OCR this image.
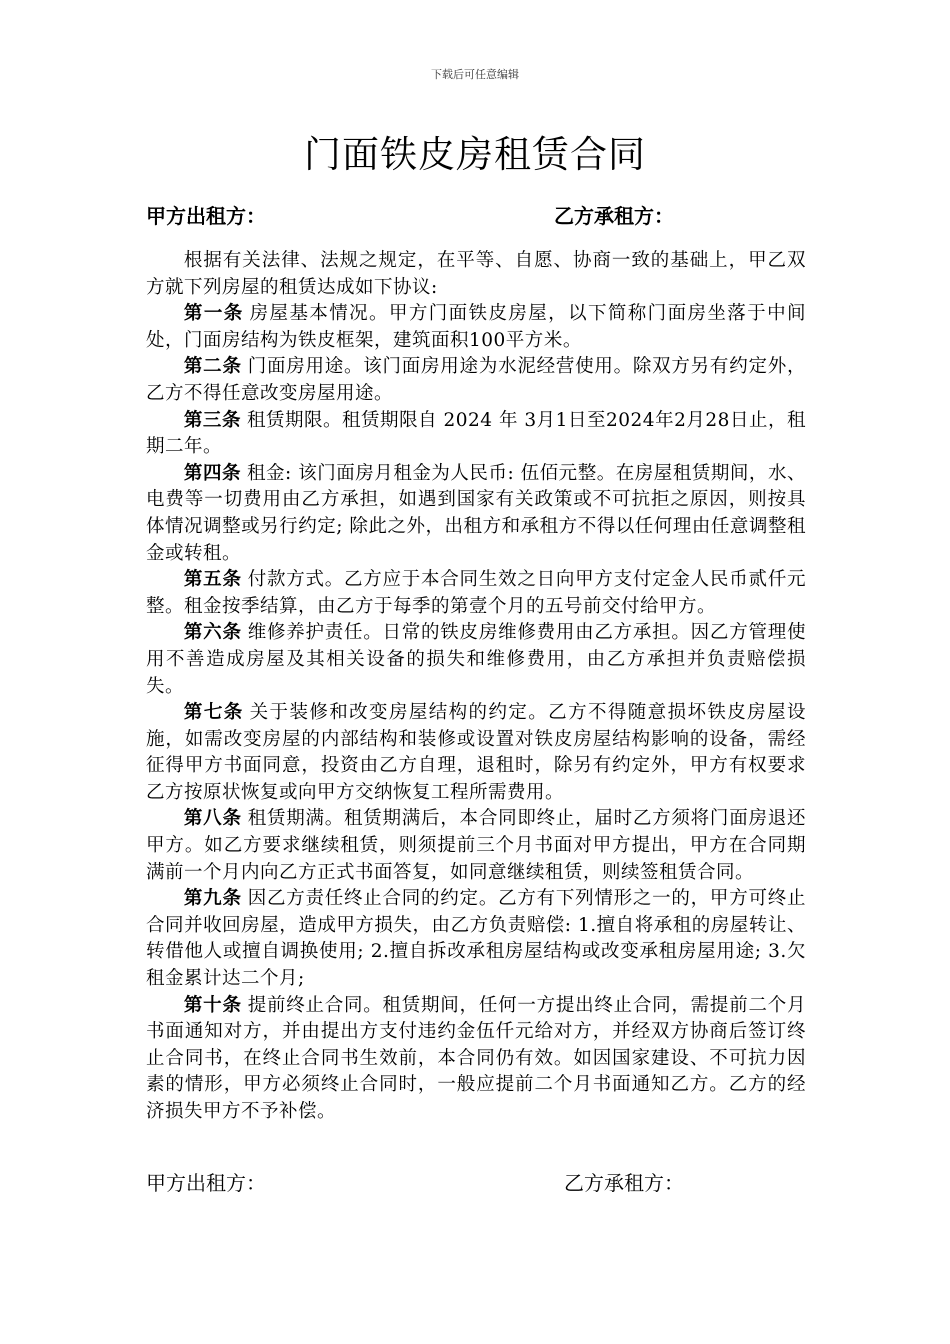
下载后可任意编辑
门面铁皮房租赁合同
甲方出租方：	乙方承租方：

根据有关法律、法规之规定，在平等、自愿、协商一致的基础上，甲乙双方就下列房屋的租赁达成如下协议:

第一条 房屋基本情况。甲方门面铁皮房屋，以下简称门面房坐落于中间处，门面房结构为铁皮框架，建筑面积100平方米。

第二条 门面房用途。该门面房用途为水泥经营使用。除双方另有约定外，乙方不得任意改变房屋用途。

第三条 租赁期限。租赁期限自 2024 年 3月1日至2024年2月28日止，租期二年。

第四条 租金: 该门面房月租金为人民币: 伍佰元整。在房屋租赁期间，水、电费等一切费用由乙方承担，如遇到国家有关政策或不可抗拒之原因，则按具体情况调整或另行约定; 除此之外，出租方和承租方不得以任何理由任意调整租金或转租。

第五条 付款方式。乙方应于本合同生效之日向甲方支付定金人民币贰仟元整。租金按季结算，由乙方于每季的第壹个月的五号前交付给甲方。

第六条 维修养护责任。日常的铁皮房维修费用由乙方承担。因乙方管理使用不善造成房屋及其相关设备的损失和维修费用，由乙方承担并负责赔偿损失。

第七条 关于装修和改变房屋结构的约定。乙方不得随意损坏铁皮房屋设施，如需改变房屋的内部结构和装修或设置对铁皮房屋结构影响的设备，需经征得甲方书面同意，投资由乙方自理，退租时，除另有约定外，甲方有权要求乙方按原状恢复或向甲方交纳恢复工程所需费用。

第八条 租赁期满。租赁期满后，本合同即终止，届时乙方须将门面房退还甲方。如乙方要求继续租赁，则须提前三个月书面对甲方提出，甲方在合同期满前一个月内向乙方正式书面答复，如同意继续租赁，则续签租赁合同。

第九条 因乙方责任终止合同的约定。乙方有下列情形之一的，甲方可终止合同并收回房屋，造成甲方损失，由乙方负责赔偿: 1.擅自将承租的房屋转让、转借他人或擅自调换使用; 2.擅自拆改承租房屋结构或改变承租房屋用途; 3.欠租金累计达二个月;

第十条 提前终止合同。租赁期间，任何一方提出终止合同，需提前二个月书面通知对方，并由提出方支付违约金伍仟元给对方，并经双方协商后签订终止合同书，在终止合同书生效前，本合同仍有效。如因国家建设、不可抗力因素的情形，甲方必须终止合同时，一般应提前二个月书面通知乙方。乙方的经济损失甲方不予补偿。

甲方出租方：	乙方承租方：
